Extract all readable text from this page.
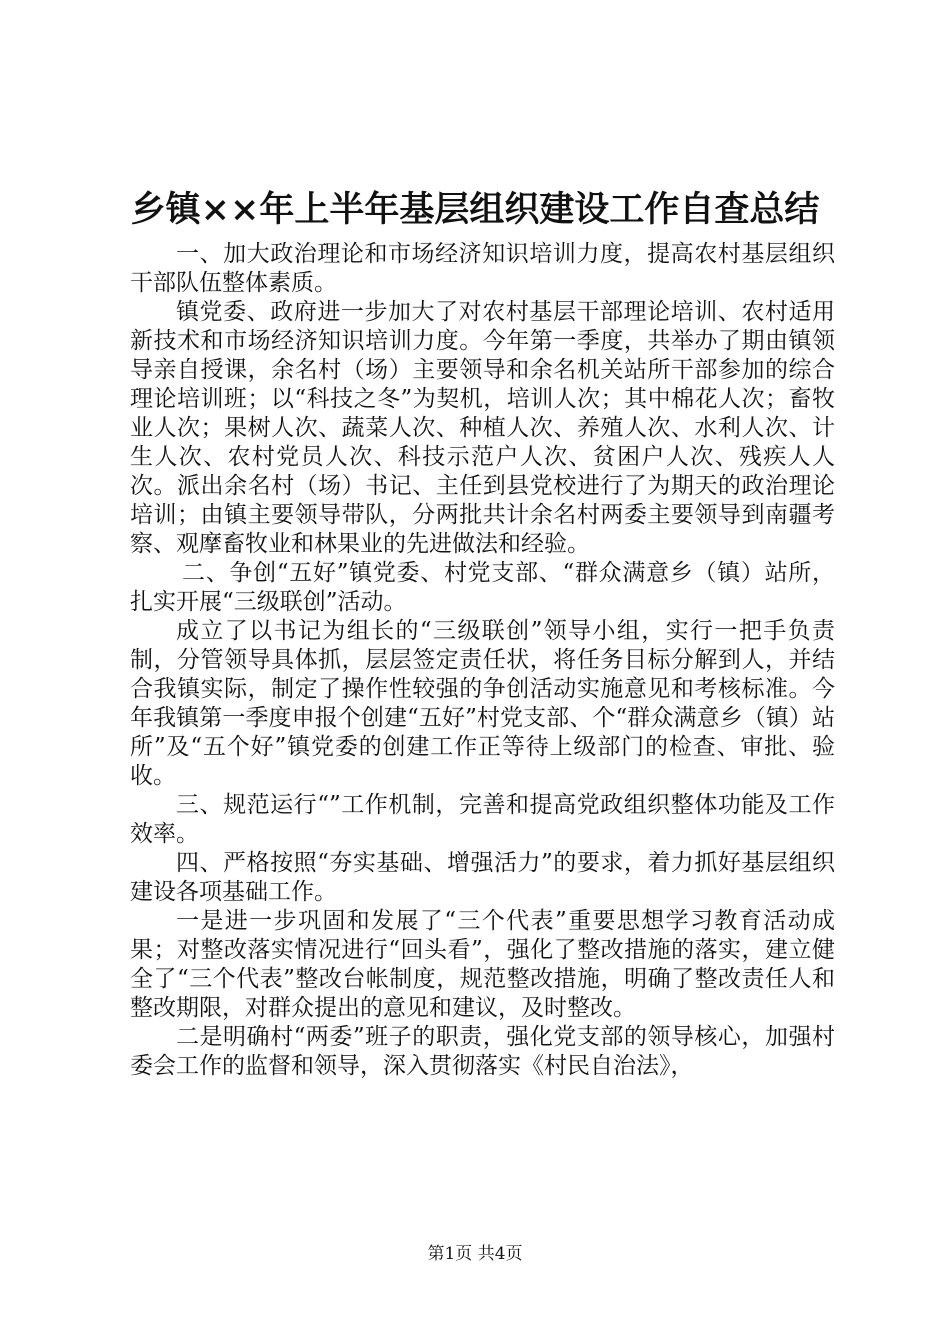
乡镇××年上半年基层组织建设工作自查总结

一、加大政治理论和市场经济知识培训力度，提高农村基层组织干部队伍整体素质。

镇党委、政府进一步加大了对农村基层干部理论培训、农村适用新技术和市场经济知识培训力度。今年第一季度，共举办了期由镇领导亲自授课，余名村（场）主要领导和余名机关站所干部参加的综合理论培训班；以“科技之冬”为契机，培训人次；其中棉花人次；畜牧业人次；果树人次、蔬菜人次、种植人次、养殖人次、水利人次、计生人次、农村党员人次、科技示范户人次、贫困户人次、残疾人人次。派出余名村（场）书记、主任到县党校进行了为期天的政治理论培训；由镇主要领导带队，分两批共计余名村两委主要领导到南疆考察、观摩畜牧业和林果业的先进做法和经验。

二、争创“五好”镇党委、村党支部、“群众满意乡（镇）站所，扎实开展“三级联创”活动。

成立了以书记为组长的“三级联创”领导小组，实行一把手负责制，分管领导具体抓，层层签定责任状，将任务目标分解到人，并结合我镇实际，制定了操作性较强的争创活动实施意见和考核标准。今年我镇第一季度申报个创建“五好”村党支部、个“群众满意乡（镇）站所”及“五个好”镇党委的创建工作正等待上级部门的检查、审批、验收。

三、规范运行“”工作机制，完善和提高党政组织整体功能及工作效率。

四、严格按照“夯实基础、增强活力”的要求，着力抓好基层组织建设各项基础工作。

一是进一步巩固和发展了“三个代表”重要思想学习教育活动成果；对整改落实情况进行“回头看”，强化了整改措施的落实，建立健全了“三个代表”整改台帐制度，规范整改措施，明确了整改责任人和整改期限，对群众提出的意见和建议，及时整改。

二是明确村“两委”班子的职责，强化党支部的领导核心，加强村委会工作的监督和领导，深入贯彻落实《村民自治法》，

第1页 共4页
